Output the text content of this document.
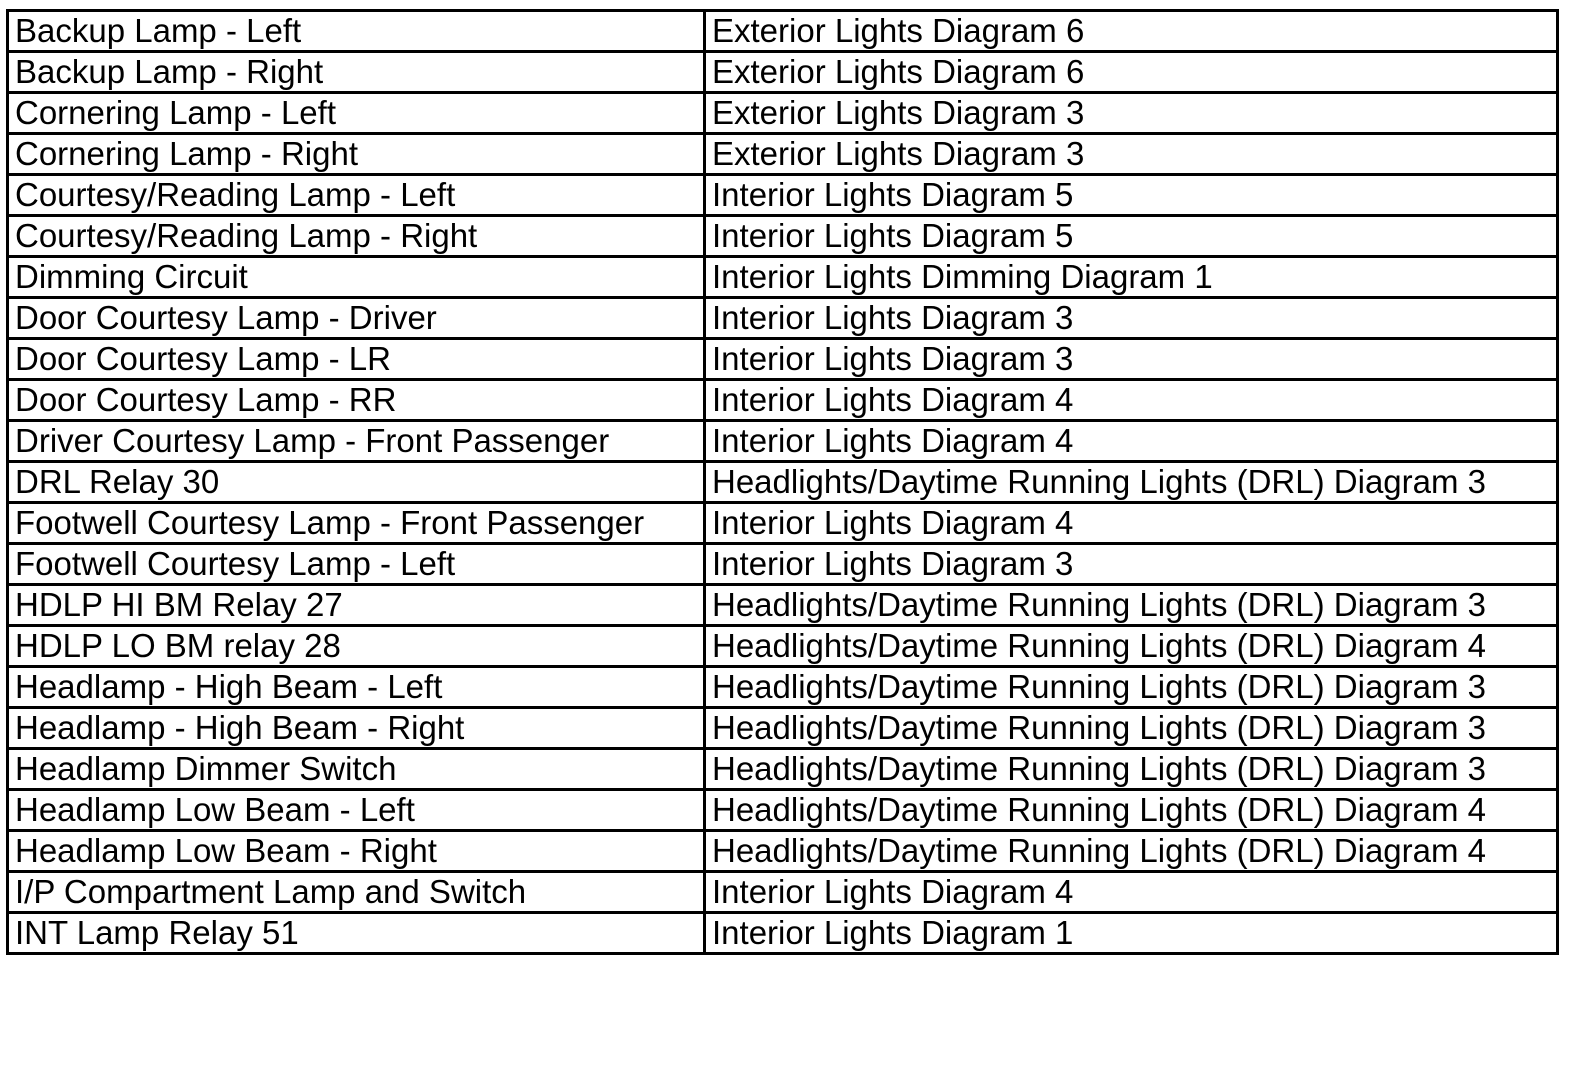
Backup Lamp - Left	Exterior Lights Diagram 6
Backup Lamp - Right	Exterior Lights Diagram 6
Cornering Lamp - Left	Exterior Lights Diagram 3
Cornering Lamp - Right	Exterior Lights Diagram 3
Courtesy/Reading Lamp - Left	Interior Lights Diagram 5
Courtesy/Reading Lamp - Right	Interior Lights Diagram 5
Dimming Circuit	Interior Lights Dimming Diagram 1
Door Courtesy Lamp - Driver	Interior Lights Diagram 3
Door Courtesy Lamp - LR	Interior Lights Diagram 3
Door Courtesy Lamp - RR	Interior Lights Diagram 4
Driver Courtesy Lamp - Front Passenger	Interior Lights Diagram 4
DRL Relay 30	Headlights/Daytime Running Lights (DRL) Diagram 3
Footwell Courtesy Lamp - Front Passenger	Interior Lights Diagram 4
Footwell Courtesy Lamp - Left	Interior Lights Diagram 3
HDLP HI BM Relay 27	Headlights/Daytime Running Lights (DRL) Diagram 3
HDLP LO BM relay 28	Headlights/Daytime Running Lights (DRL) Diagram 4
Headlamp - High Beam - Left	Headlights/Daytime Running Lights (DRL) Diagram 3
Headlamp - High Beam - Right	Headlights/Daytime Running Lights (DRL) Diagram 3
Headlamp Dimmer Switch	Headlights/Daytime Running Lights (DRL) Diagram 3
Headlamp Low Beam - Left	Headlights/Daytime Running Lights (DRL) Diagram 4
Headlamp Low Beam - Right	Headlights/Daytime Running Lights (DRL) Diagram 4
I/P Compartment Lamp and Switch	Interior Lights Diagram 4
INT Lamp Relay 51	Interior Lights Diagram 1
